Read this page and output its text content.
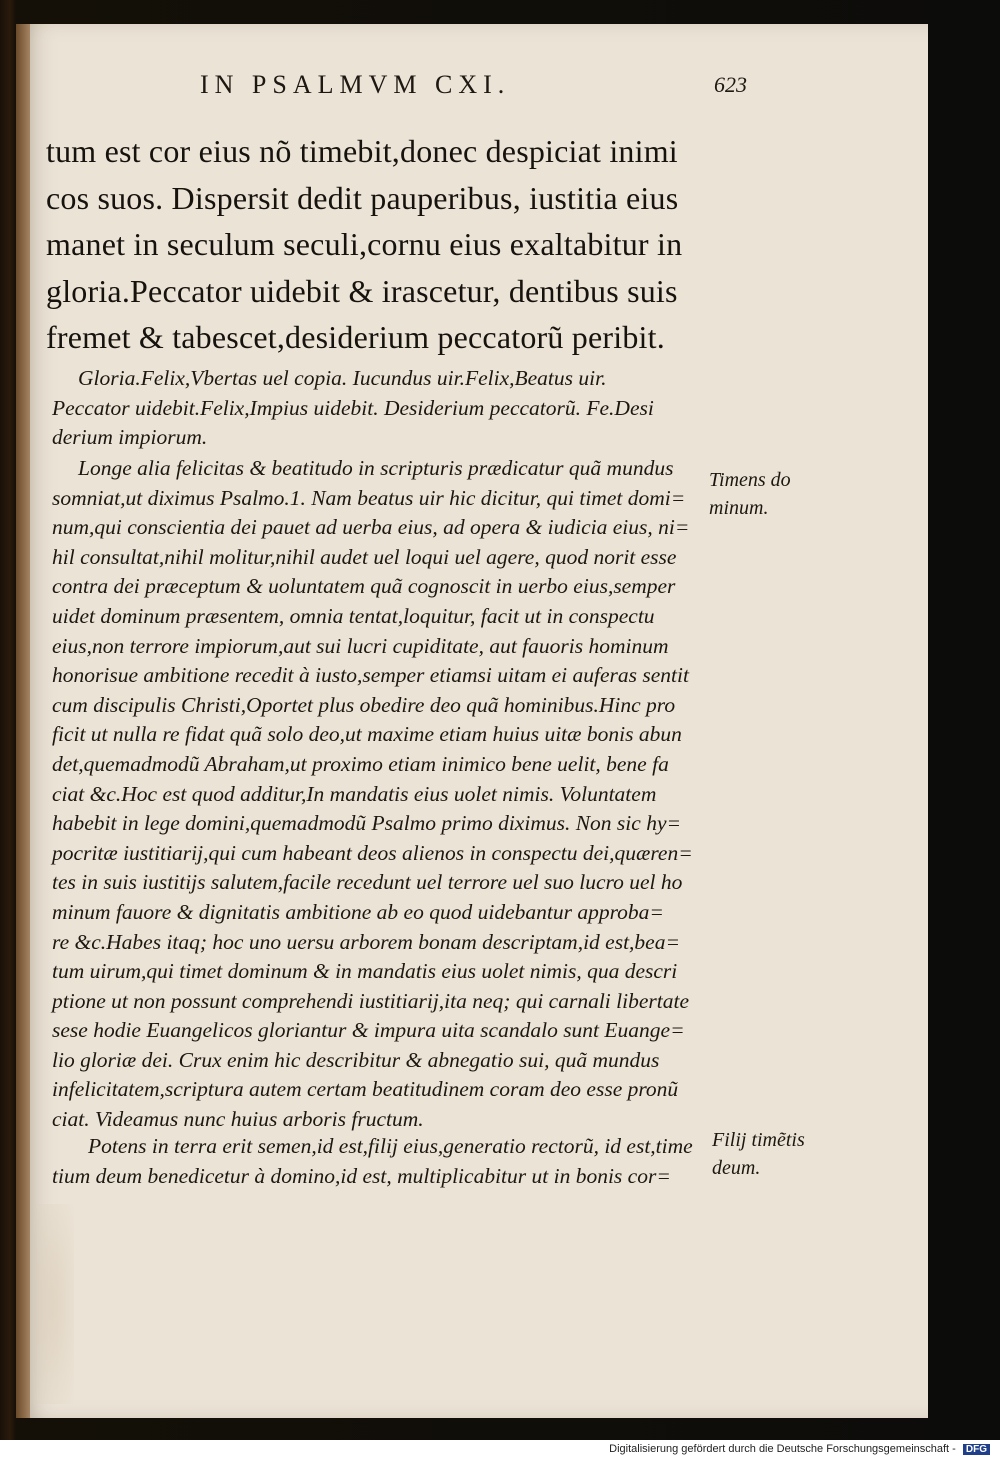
IN PSALMVM CXI.	623
tum est cor eius nõ timebit,donec despiciat inimi
cos suos. Dispersit dedit pauperibus, iustitia eius
manet in seculum seculi,cornu eius exaltabitur in
gloria.Peccator uidebit & irascetur, dentibus suis
fremet & tabescet,desiderium peccatorũ peribit.
Gloria.Felix,Vbertas uel copia. Iucundus uir.Felix,Beatus uir.
Peccator uidebit.Felix,Impius uidebit. Desiderium peccatorũ. Fe.Desi
derium impiorum.
Longe alia felicitas & beatitudo in scripturis prædicatur quã mundus
somniat,ut diximus Psalmo.1. Nam beatus uir hic dicitur, qui timet domi=
num,qui conscientia dei pauet ad uerba eius, ad opera & iudicia eius, ni=
hil consultat,nihil molitur,nihil audet uel loqui uel agere, quod norit esse
contra dei præceptum & uoluntatem quã cognoscit in uerbo eius,semper
uidet dominum præsentem, omnia tentat,loquitur, facit ut in conspectu
eius,non terrore impiorum,aut sui lucri cupiditate, aut fauoris hominum
honorisue ambitione recedit à iusto,semper etiamsi uitam ei auferas sentit
cum discipulis Christi,Oportet plus obedire deo quã hominibus.Hinc pro
ficit ut nulla re fidat quã solo deo,ut maxime etiam huius uitæ bonis abun
det,quemadmodũ Abraham,ut proximo etiam inimico bene uelit, bene fa
ciat &c.Hoc est quod additur,In mandatis eius uolet nimis. Voluntatem
habebit in lege domini,quemadmodũ Psalmo primo diximus. Non sic hy=
pocritæ iustitiarij,qui cum habeant deos alienos in conspectu dei,quæren=
tes in suis iustitijs salutem,facile recedunt uel terrore uel suo lucro uel ho
minum fauore & dignitatis ambitione ab eo quod uidebantur approba=
re &c.Habes itaq; hoc uno uersu arborem bonam descriptam,id est,bea=
tum uirum,qui timet dominum & in mandatis eius uolet nimis, qua descri
ptione ut non possunt comprehendi iustitiarij,ita neq; qui carnali libertate
sese hodie Euangelicos gloriantur & impura uita scandalo sunt Euange=
lio gloriæ dei. Crux enim hic describitur & abnegatio sui, quã mundus
infelicitatem,scriptura autem certam beatitudinem coram deo esse pronũ
ciat. Videamus nunc huius arboris fructum.
Potens in terra erit semen,id est,filij eius,generatio rectorũ, id est,time
tium deum benedicetur à domino,id est, multiplicabitur ut in bonis cor=
Timens do
minum.
Filij timẽtis
deum.
Digitalisierung gefördert durch die Deutsche Forschungsgemeinschaft - DFG
